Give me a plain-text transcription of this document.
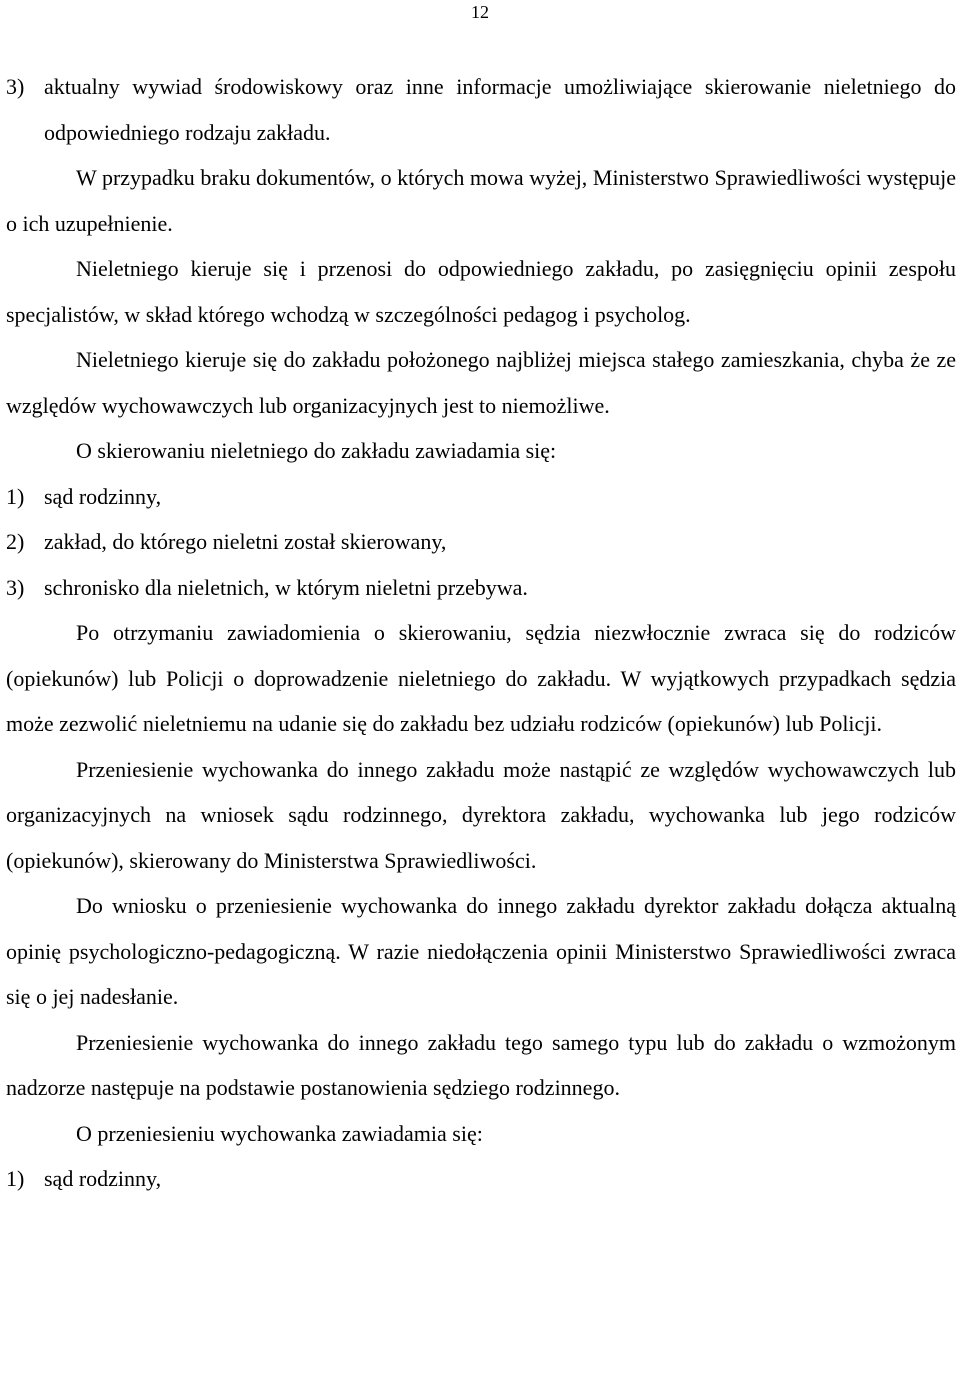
12
3) aktualny wywiad środowiskowy oraz inne informacje umożliwiające skierowanie nieletniego do odpowiedniego rodzaju zakładu.

W przypadku braku dokumentów, o których mowa wyżej, Ministerstwo Sprawiedliwości występuje o ich uzupełnienie.

Nieletniego kieruje się i przenosi do odpowiedniego zakładu, po zasięgnięciu opinii zespołu specjalistów, w skład którego wchodzą w szczególności pedagog i psycholog.

Nieletniego kieruje się do zakładu położonego najbliżej miejsca stałego zamieszkania, chyba że ze względów wychowawczych lub organizacyjnych jest to niemożliwe.

O skierowaniu nieletniego do zakładu zawiadamia się:

1) sąd rodzinny,
2) zakład, do którego nieletni został skierowany,
3) schronisko dla nieletnich, w którym nieletni przebywa.

Po otrzymaniu zawiadomienia o skierowaniu, sędzia niezwłocznie zwraca się do rodziców (opiekunów) lub Policji o doprowadzenie nieletniego do zakładu. W wyjątkowych przypadkach sędzia może zezwolić nieletniemu na udanie się do zakładu bez udziału rodziców (opiekunów) lub Policji.

Przeniesienie wychowanka do innego zakładu może nastąpić ze względów wychowawczych lub organizacyjnych na wniosek sądu rodzinnego, dyrektora zakładu, wychowanka lub jego rodziców (opiekunów), skierowany do Ministerstwa Sprawiedliwości.

Do wniosku o przeniesienie wychowanka do innego zakładu dyrektor zakładu dołącza aktualną opinię psychologiczno-pedagogiczną. W razie niedołączenia opinii Ministerstwo Sprawiedliwości zwraca się o jej nadesłanie.

Przeniesienie wychowanka do innego zakładu tego samego typu lub do zakładu o wzmożonym nadzorze następuje na podstawie postanowienia sędziego rodzinnego.

O przeniesieniu wychowanka zawiadamia się:

1) sąd rodzinny,
